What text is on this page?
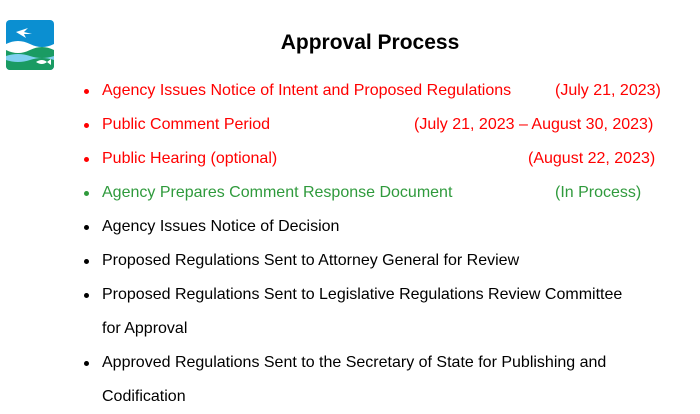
Approval Process
Agency Issues Notice of Intent and Proposed Regulations	(July 21, 2023)
Public Comment Period	(July 21, 2023 – August 30, 2023)
Public Hearing (optional)	(August 22, 2023)
Agency Prepares Comment Response Document	(In Process)
Agency Issues Notice of Decision
Proposed Regulations Sent to Attorney General for Review
Proposed Regulations Sent to Legislative Regulations Review Committee
for Approval
Approved Regulations Sent to the Secretary of State for Publishing and
Codification
